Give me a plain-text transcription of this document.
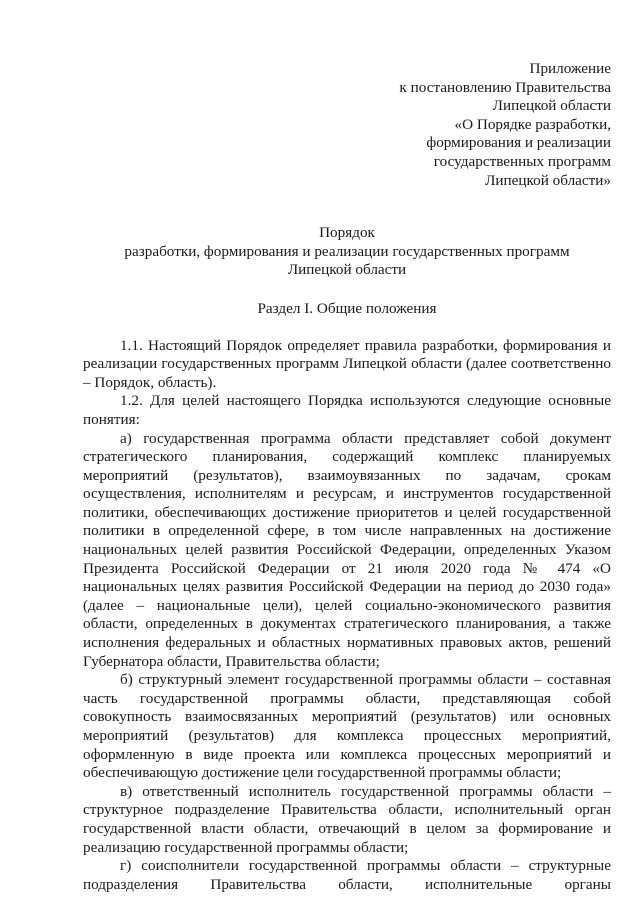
Приложение
к постановлению Правительства
Липецкой области
«О Порядке разработки,
формирования и реализации
государственных программ
Липецкой области»
Порядок
разработки, формирования и реализации государственных программ
Липецкой области
Раздел I. Общие положения

1.1. Настоящий Порядок определяет правила разработки, формирования и реализации государственных программ Липецкой области (далее соответственно – Порядок, область).

1.2. Для целей настоящего Порядка используются следующие основные понятия:

а) государственная программа области представляет собой документ стратегического планирования, содержащий комплекс планируемых мероприятий (результатов), взаимоувязанных по задачам, срокам осуществления, исполнителям и ресурсам, и инструментов государственной политики, обеспечивающих достижение приоритетов и целей государственной политики в определенной сфере, в том числе направленных на достижение национальных целей развития Российской Федерации, определенных Указом Президента Российской Федерации от 21 июля 2020 года № 474 «О национальных целях развития Российской Федерации на период до 2030 года» (далее – национальные цели), целей социально-экономического развития области, определенных в документах стратегического планирования, а также исполнения федеральных и областных нормативных правовых актов, решений Губернатора области, Правительства области;

б) структурный элемент государственной программы области – составная часть государственной программы области, представляющая собой совокупность взаимосвязанных мероприятий (результатов) или основных мероприятий (результатов) для комплекса процессных мероприятий, оформленную в виде проекта или комплекса процессных мероприятий и обеспечивающую достижение цели государственной программы области;

в) ответственный исполнитель государственной программы области – структурное подразделение Правительства области, исполнительный орган государственной власти области, отвечающий в целом за формирование и реализацию государственной программы области;

г) соисполнители государственной программы области – структурные подразделения Правительства области, исполнительные органы
